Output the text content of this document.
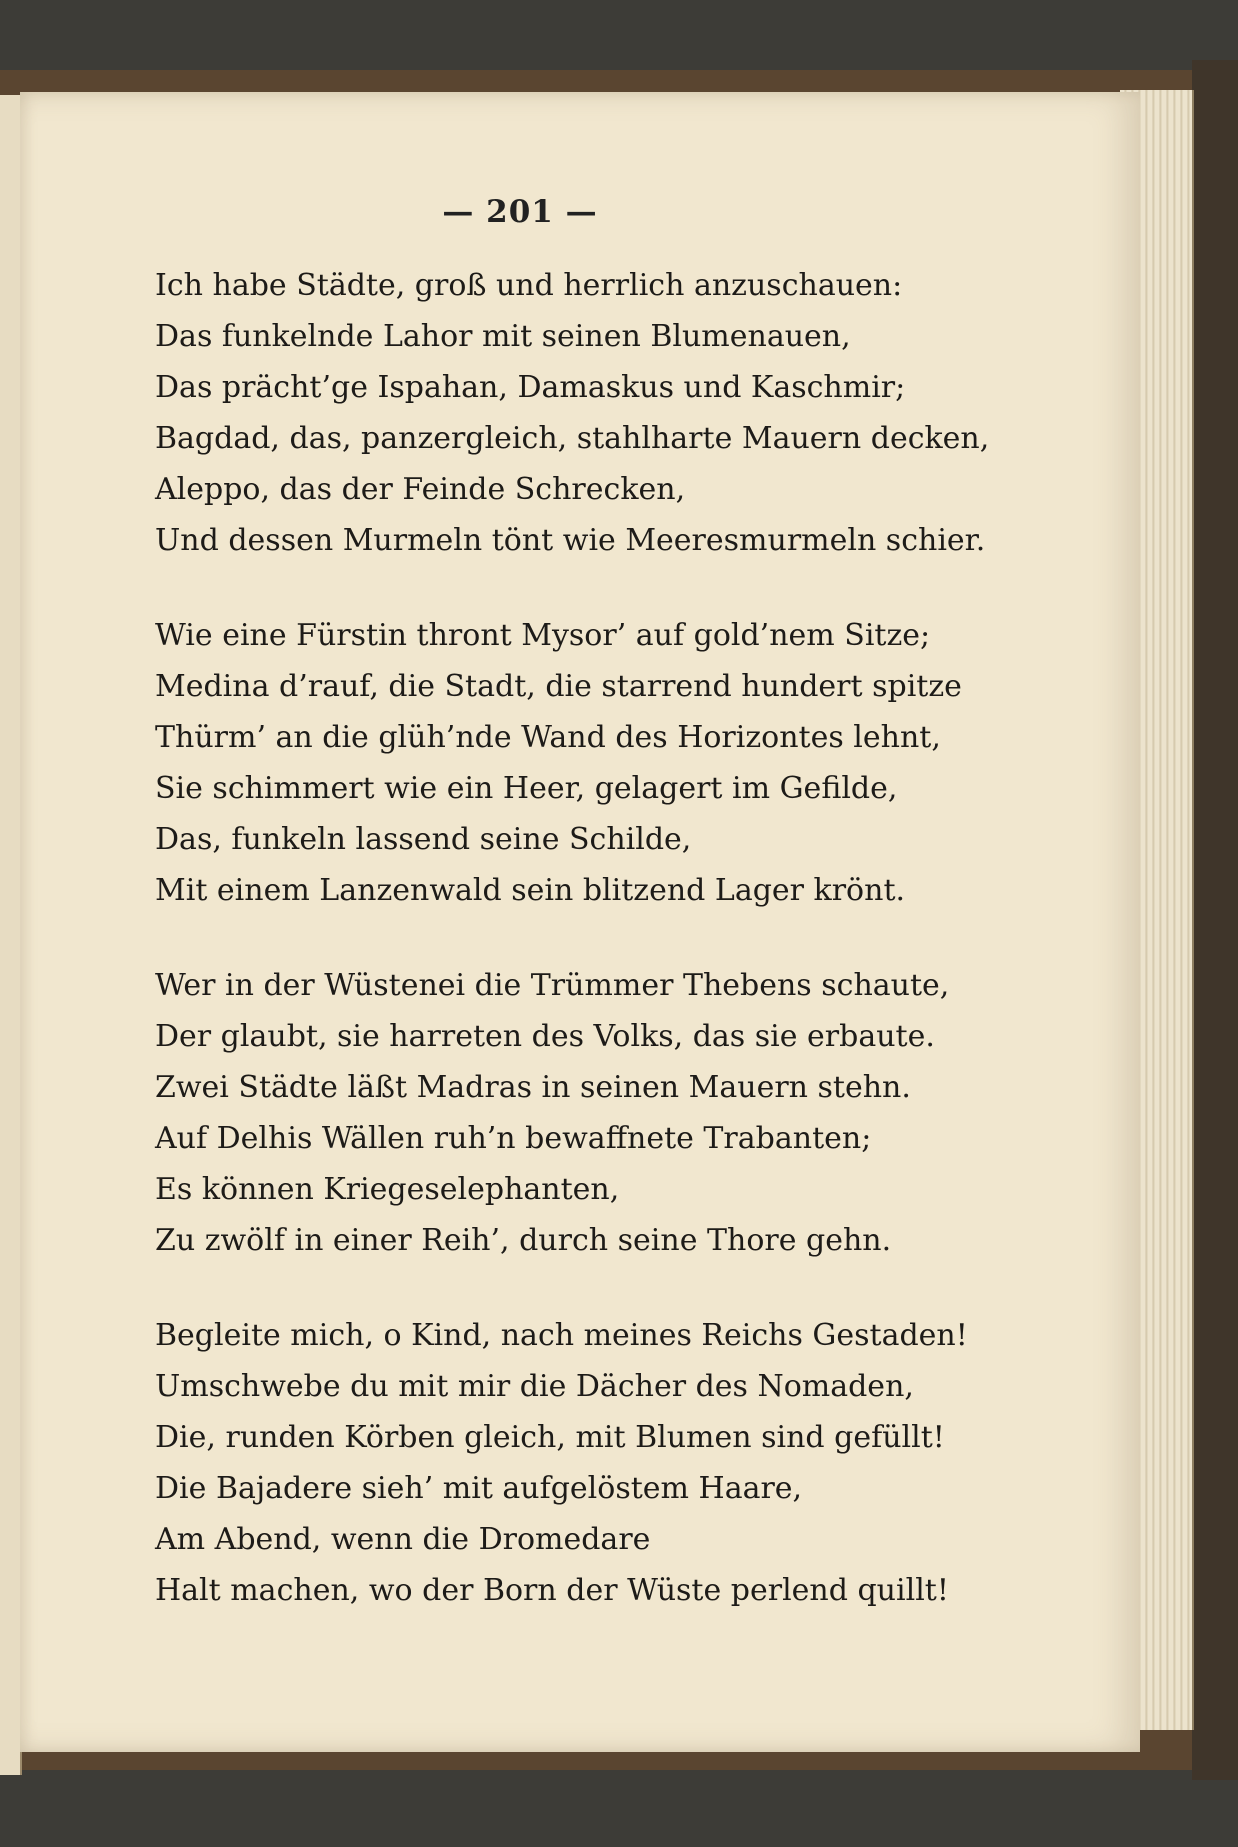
— 201 —
Ich habe Städte, groß und herrlich anzuschauen:
Das funkelnde Lahor mit seinen Blumenauen,
Das prächt’ge Ispahan, Damaskus und Kaschmir;
Bagdad, das, panzergleich, stahlharte Mauern decken,
Aleppo, das der Feinde Schrecken,
Und dessen Murmeln tönt wie Meeresmurmeln schier.
Wie eine Fürstin thront Mysor’ auf gold’nem Sitze;
Medina d’rauf, die Stadt, die starrend hundert spitze
Thürm’ an die glüh’nde Wand des Horizontes lehnt,
Sie schimmert wie ein Heer, gelagert im Gefilde,
Das, funkeln lassend seine Schilde,
Mit einem Lanzenwald sein blitzend Lager krönt.
Wer in der Wüstenei die Trümmer Thebens schaute,
Der glaubt, sie harreten des Volks, das sie erbaute.
Zwei Städte läßt Madras in seinen Mauern stehn.
Auf Delhis Wällen ruh’n bewaffnete Trabanten;
Es können Kriegeselephanten,
Zu zwölf in einer Reih’, durch seine Thore gehn.
Begleite mich, o Kind, nach meines Reichs Gestaden!
Umschwebe du mit mir die Dächer des Nomaden,
Die, runden Körben gleich, mit Blumen sind gefüllt!
Die Bajadere sieh’ mit aufgelöstem Haare,
Am Abend, wenn die Dromedare
Halt machen, wo der Born der Wüste perlend quillt!
